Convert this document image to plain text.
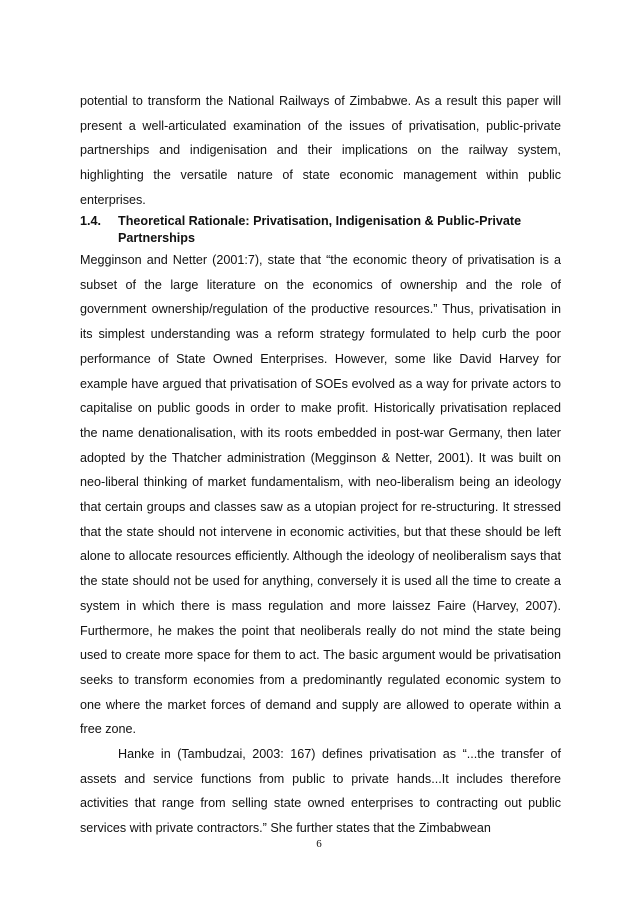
potential to transform the National Railways of Zimbabwe. As a result this paper will present a well-articulated examination of the issues of privatisation, public-private partnerships and indigenisation and their implications on the railway system, highlighting the versatile nature of state economic management within public enterprises.

1.4. Theoretical Rationale: Privatisation, Indigenisation & Public-Private Partnerships

Megginson and Netter (2001:7), state that “the economic theory of privatisation is a subset of the large literature on the economics of ownership and the role of government ownership/regulation of the productive resources.” Thus, privatisation in its simplest understanding was a reform strategy formulated to help curb the poor performance of State Owned Enterprises. However, some like David Harvey for example have argued that privatisation of SOEs evolved as a way for private actors to capitalise on public goods in order to make profit. Historically privatisation replaced the name denationalisation, with its roots embedded in post-war Germany, then later adopted by the Thatcher administration (Megginson & Netter, 2001). It was built on neo-liberal thinking of market fundamentalism, with neo-liberalism being an ideology that certain groups and classes saw as a utopian project for re-structuring. It stressed that the state should not intervene in economic activities, but that these should be left alone to allocate resources efficiently. Although the ideology of neoliberalism says that the state should not be used for anything, conversely it is used all the time to create a system in which there is mass regulation and more laissez Faire (Harvey, 2007). Furthermore, he makes the point that neoliberals really do not mind the state being used to create more space for them to act. The basic argument would be privatisation seeks to transform economies from a predominantly regulated economic system to one where the market forces of demand and supply are allowed to operate within a free zone.

Hanke in (Tambudzai, 2003: 167) defines privatisation as “...the transfer of assets and service functions from public to private hands...It includes therefore activities that range from selling state owned enterprises to contracting out public services with private contractors.” She further states that the Zimbabwean

6
